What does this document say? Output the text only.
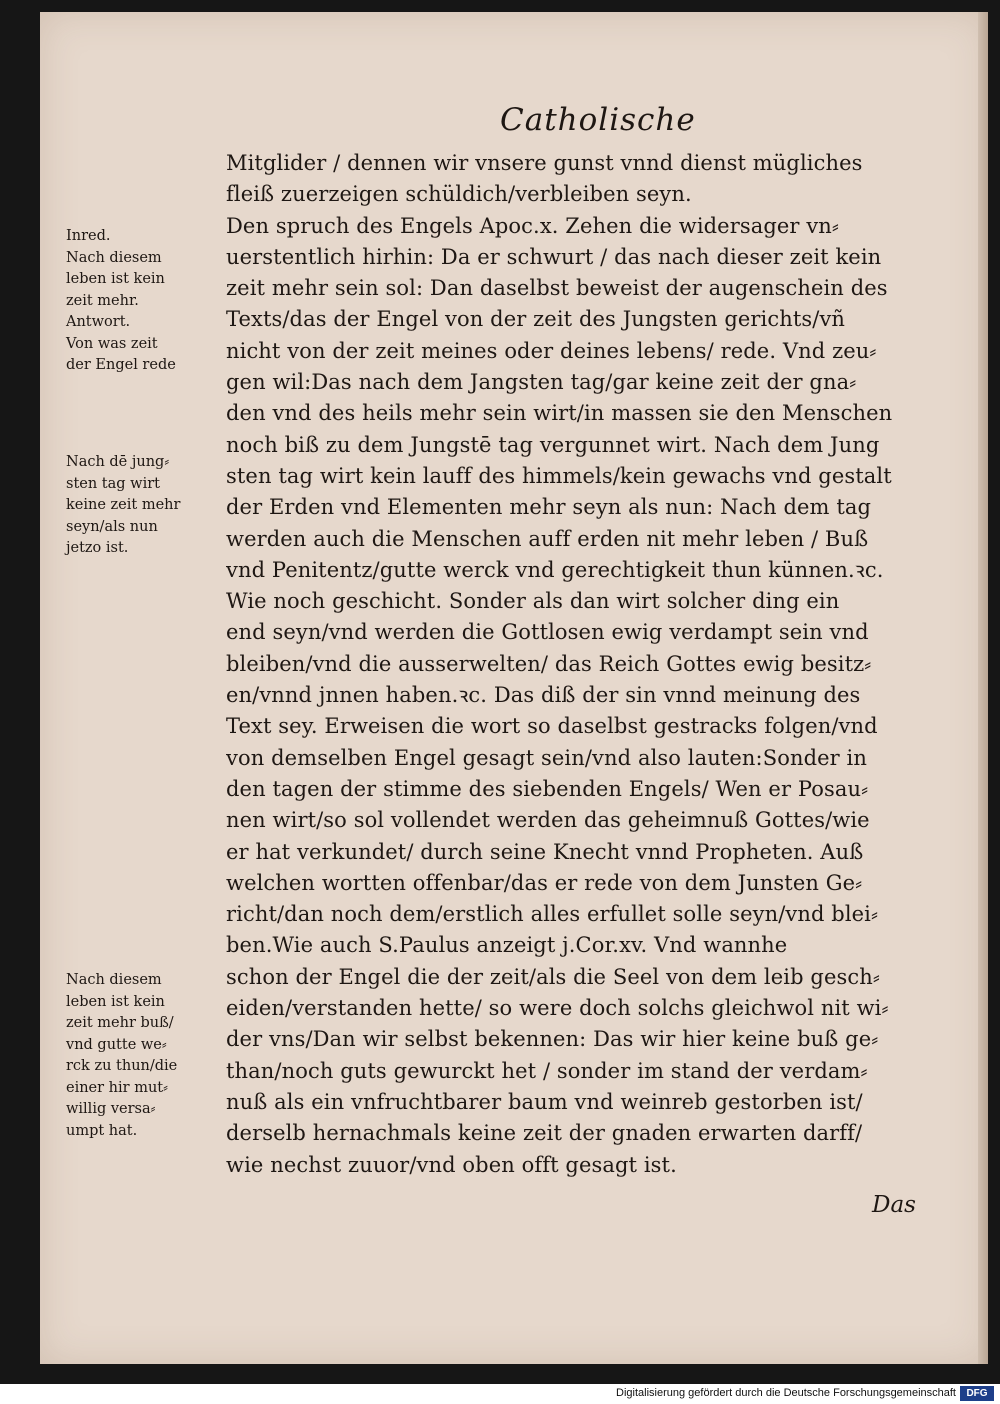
Catholische
Mitglider / dennen wir vnsere gunst vnnd dienst mügliches
fleiß zuerzeigen schüldich/verbleiben seyn.
Den spruch des Engels Apoc.x. Zehen die widersager vn⸗
uerstentlich hirhin: Da er schwurt / das nach dieser zeit kein
zeit mehr sein sol: Dan daselbst beweist der augenschein des
Texts/das der Engel von der zeit des Jungsten gerichts/vñ
nicht von der zeit meines oder deines lebens/ rede. Vnd zeu⸗
gen wil:Das nach dem Jangsten tag/gar keine zeit der gna⸗
den vnd des heils mehr sein wirt/in massen sie den Menschen
noch biß zu dem Jungstē tag vergunnet wirt. Nach dem Jung
sten tag wirt kein lauff des himmels/kein gewachs vnd gestalt
der Erden vnd Elementen mehr seyn als nun: Nach dem tag
werden auch die Menschen auff erden nit mehr leben / Buß
vnd Penitentz/gutte werck vnd gerechtigkeit thun künnen.ꝛc.
Wie noch geschicht. Sonder als dan wirt solcher ding ein
end seyn/vnd werden die Gottlosen ewig verdampt sein vnd
bleiben/vnd die ausserwelten/ das Reich Gottes ewig besitz⸗
en/vnnd jnnen haben.ꝛc. Das diß der sin vnnd meinung des
Text sey. Erweisen die wort so daselbst gestracks folgen/vnd
von demselben Engel gesagt sein/vnd also lauten:Sonder in
den tagen der stimme des siebenden Engels/ Wen er Posau⸗
nen wirt/so sol vollendet werden das geheimnuß Gottes/wie
er hat verkundet/ durch seine Knecht vnnd Propheten. Auß
welchen wortten offenbar/das er rede von dem Junsten Ge⸗
richt/dan noch dem/erstlich alles erfullet solle seyn/vnd blei⸗
ben.Wie auch S.Paulus anzeigt j.Cor.xv. Vnd wannhe
schon der Engel die der zeit/als die Seel von dem leib gesch⸗
eiden/verstanden hette/ so were doch solchs gleichwol nit wi⸗
der vns/Dan wir selbst bekennen: Das wir hier keine buß ge⸗
than/noch guts gewurckt het / sonder im stand der verdam⸗
nuß als ein vnfruchtbarer baum vnd weinreb gestorben ist/
derselb hernachmals keine zeit der gnaden erwarten darff/
wie nechst zuuor/vnd oben offt gesagt ist.
Inred.
Nach diesem
leben ist kein
zeit mehr.
Antwort.
Von was zeit
der Engel rede
Nach dē jung⸗
sten tag wirt
keine zeit mehr
seyn/als nun
jetzo ist.
Nach diesem
leben ist kein
zeit mehr buß/
vnd gutte we⸗
rck zu thun/die
einer hir mut⸗
willig versa⸗
umpt hat.
Das
Digitalisierung gefördert durch die Deutsche Forschungsgemeinschaft	DFG
